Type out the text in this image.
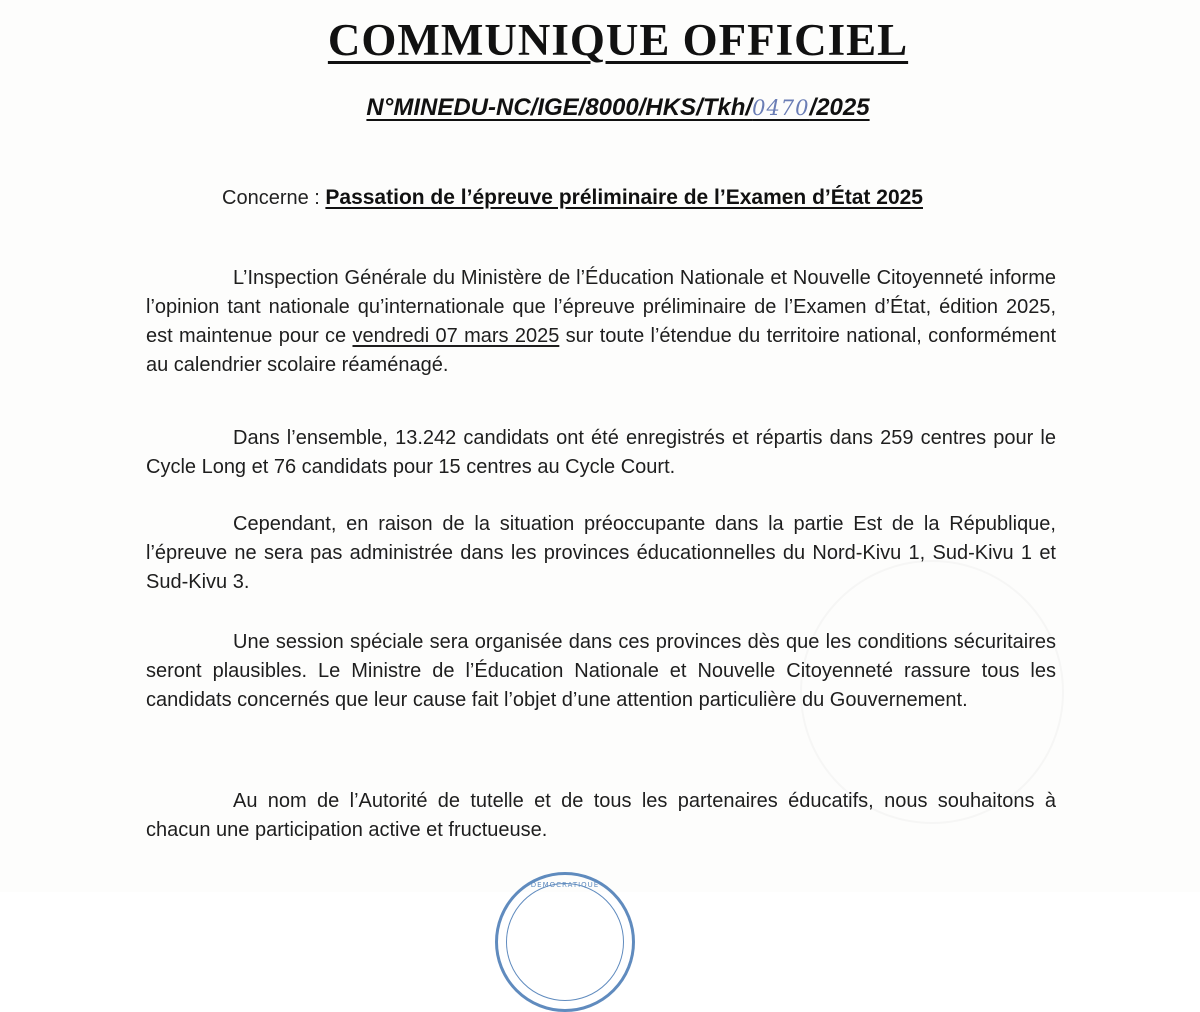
COMMUNIQUE OFFICIEL
N°MINEDU-NC/IGE/8000/HKS/Tkh/0470/2025
Concerne : Passation de l’épreuve préliminaire de l’Examen d’État 2025

L’Inspection Générale du Ministère de l’Éducation Nationale et Nouvelle Citoyenneté informe l’opinion tant nationale qu’internationale que l’épreuve préliminaire de l’Examen d’État, édition 2025, est maintenue pour ce vendredi 07 mars 2025 sur toute l’étendue du territoire national, conformément au calendrier scolaire réaménagé.

Dans l’ensemble, 13.242 candidats ont été enregistrés et répartis dans 259 centres pour le Cycle Long et 76 candidats pour 15 centres au Cycle Court.

Cependant, en raison de la situation préoccupante dans la partie Est de la République, l’épreuve ne sera pas administrée dans les provinces éducationnelles du Nord-Kivu 1, Sud-Kivu 1 et Sud-Kivu 3.

Une session spéciale sera organisée dans ces provinces dès que les conditions sécuritaires seront plausibles. Le Ministre de l’Éducation Nationale et Nouvelle Citoyenneté rassure tous les candidats concernés que leur cause fait l’objet d’une attention particulière du Gouvernement.

Au nom de l’Autorité de tutelle et de tous les partenaires éducatifs, nous souhaitons à chacun une participation active et fructueuse.

DEMOCRATIQUE
